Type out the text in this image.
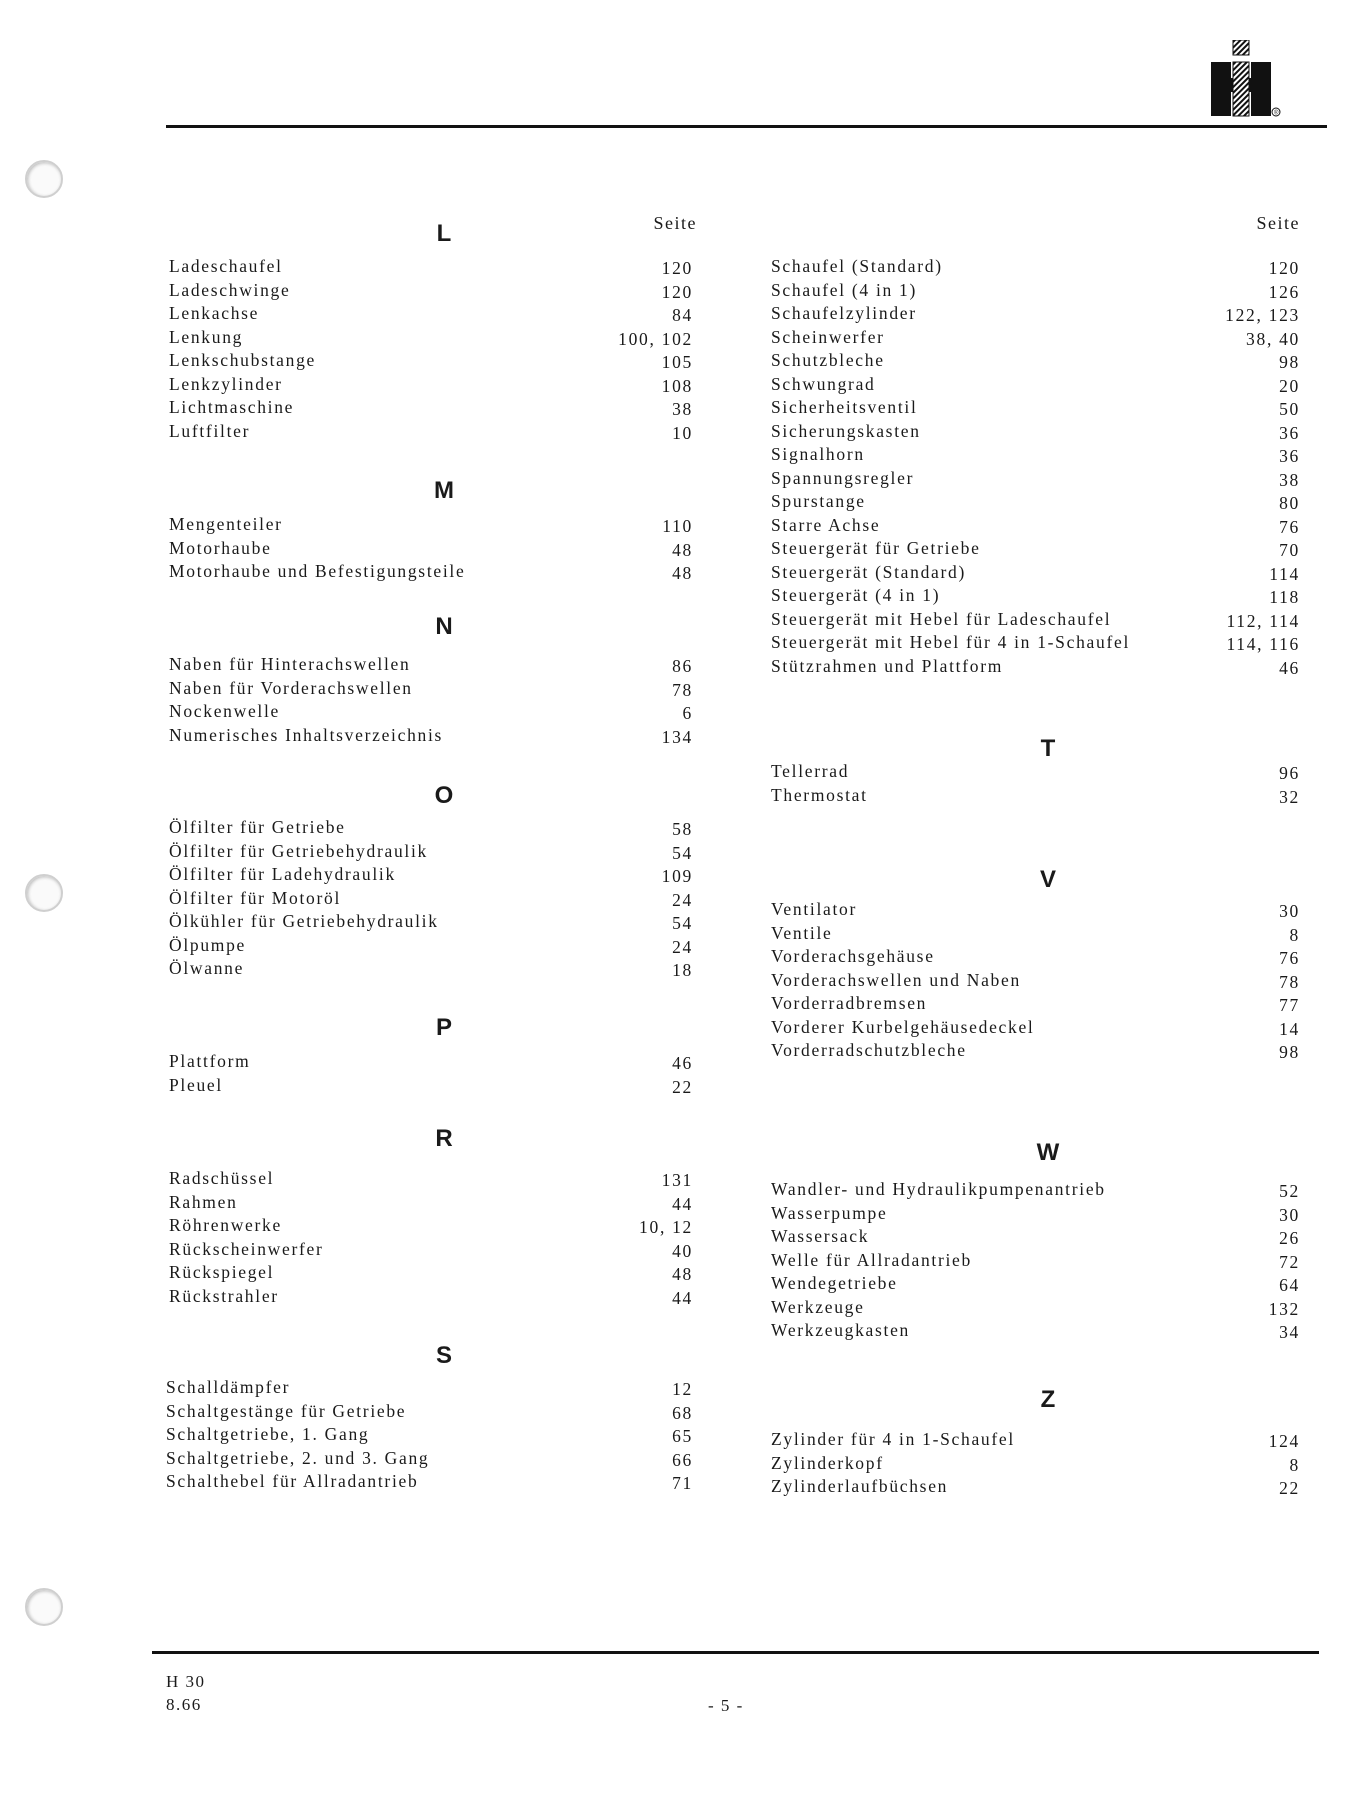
®
Seite	Seite
L
Ladeschaufel	120
Ladeschwinge	120
Lenkachse	84
Lenkung	100, 102
Lenkschubstange	105
Lenkzylinder	108
Lichtmaschine	38
Luftfilter	10
M
Mengenteiler	110
Motorhaube	48
Motorhaube und Befestigungsteile	48
N
Naben für Hinterachswellen	86
Naben für Vorderachswellen	78
Nockenwelle	6
Numerisches Inhaltsverzeichnis	134
O
Ölfilter für Getriebe	58
Ölfilter für Getriebehydraulik	54
Ölfilter für Ladehydraulik	109
Ölfilter für Motoröl	24
Ölkühler für Getriebehydraulik	54
Ölpumpe	24
Ölwanne	18
P
Plattform	46
Pleuel	22
R
Radschüssel	131
Rahmen	44
Röhrenwerke	10, 12
Rückscheinwerfer	40
Rückspiegel	48
Rückstrahler	44
S
Schalldämpfer	12
Schaltgestänge für Getriebe	68
Schaltgetriebe, 1. Gang	65
Schaltgetriebe, 2. und 3. Gang	66
Schalthebel für Allradantrieb	71
Schaufel (Standard)	120
Schaufel (4 in 1)	126
Schaufelzylinder	122, 123
Scheinwerfer	38, 40
Schutzbleche	98
Schwungrad	20
Sicherheitsventil	50
Sicherungskasten	36
Signalhorn	36
Spannungsregler	38
Spurstange	80
Starre Achse	76
Steuergerät für Getriebe	70
Steuergerät (Standard)	114
Steuergerät (4 in 1)	118
Steuergerät mit Hebel für Ladeschaufel	112, 114
Steuergerät mit Hebel für 4 in 1-Schaufel	114, 116
Stützrahmen und Plattform	46
T
Tellerrad	96
Thermostat	32
V
Ventilator	30
Ventile	8
Vorderachsgehäuse	76
Vorderachswellen und Naben	78
Vorderradbremsen	77
Vorderer Kurbelgehäusedeckel	14
Vorderradschutzbleche	98
W
Wandler- und Hydraulikpumpenantrieb	52
Wasserpumpe	30
Wassersack	26
Welle für Allradantrieb	72
Wendegetriebe	64
Werkzeuge	132
Werkzeugkasten	34
Z
Zylinder für 4 in 1-Schaufel	124
Zylinderkopf	8
Zylinderlaufbüchsen	22
H 30
8.66	- 5 -
